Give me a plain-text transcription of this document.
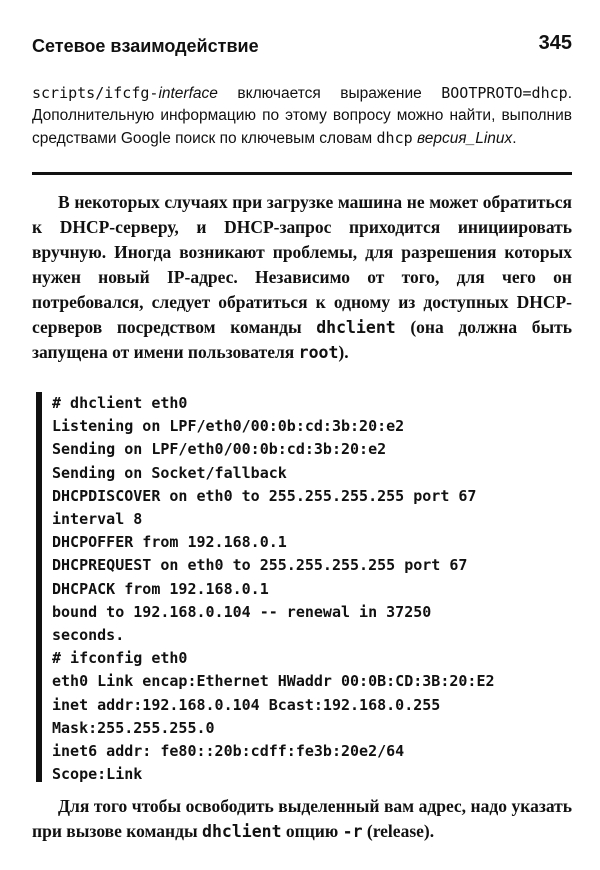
Сетевое взаимодействие	345
scripts/ifcfg-interface включается выражение BOOTPROTO=dhcp. Дополнительную информацию по этому вопросу можно найти, выполнив средствами Google поиск по ключевым словам dhcp версия_Linux.
В некоторых случаях при загрузке машина не может обратиться к DHCP-серверу, и DHCP-запрос приходится инициировать вручную. Иногда возникают проблемы, для разрешения которых нужен новый IP-адрес. Независимо от того, для чего он потребовался, следует обратиться к одному из доступных DHCP-серверов посредством команды dhclient (она должна быть запущена от имени пользователя root).
# dhclient eth0
Listening on LPF/eth0/00:0b:cd:3b:20:e2
Sending on LPF/eth0/00:0b:cd:3b:20:e2
Sending on Socket/fallback
DHCPDISCOVER on eth0 to 255.255.255.255 port 67
interval 8
DHCPOFFER from 192.168.0.1
DHCPREQUEST on eth0 to 255.255.255.255 port 67
DHCPACK from 192.168.0.1
bound to 192.168.0.104 -- renewal in 37250
seconds.
# ifconfig eth0
eth0 Link encap:Ethernet HWaddr 00:0B:CD:3B:20:E2
inet addr:192.168.0.104 Bcast:192.168.0.255
Mask:255.255.255.0
inet6 addr: fe80::20b:cdff:fe3b:20e2/64
Scope:Link
Для того чтобы освободить выделенный вам адрес, надо указать при вызове команды dhclient опцию -r (release).
